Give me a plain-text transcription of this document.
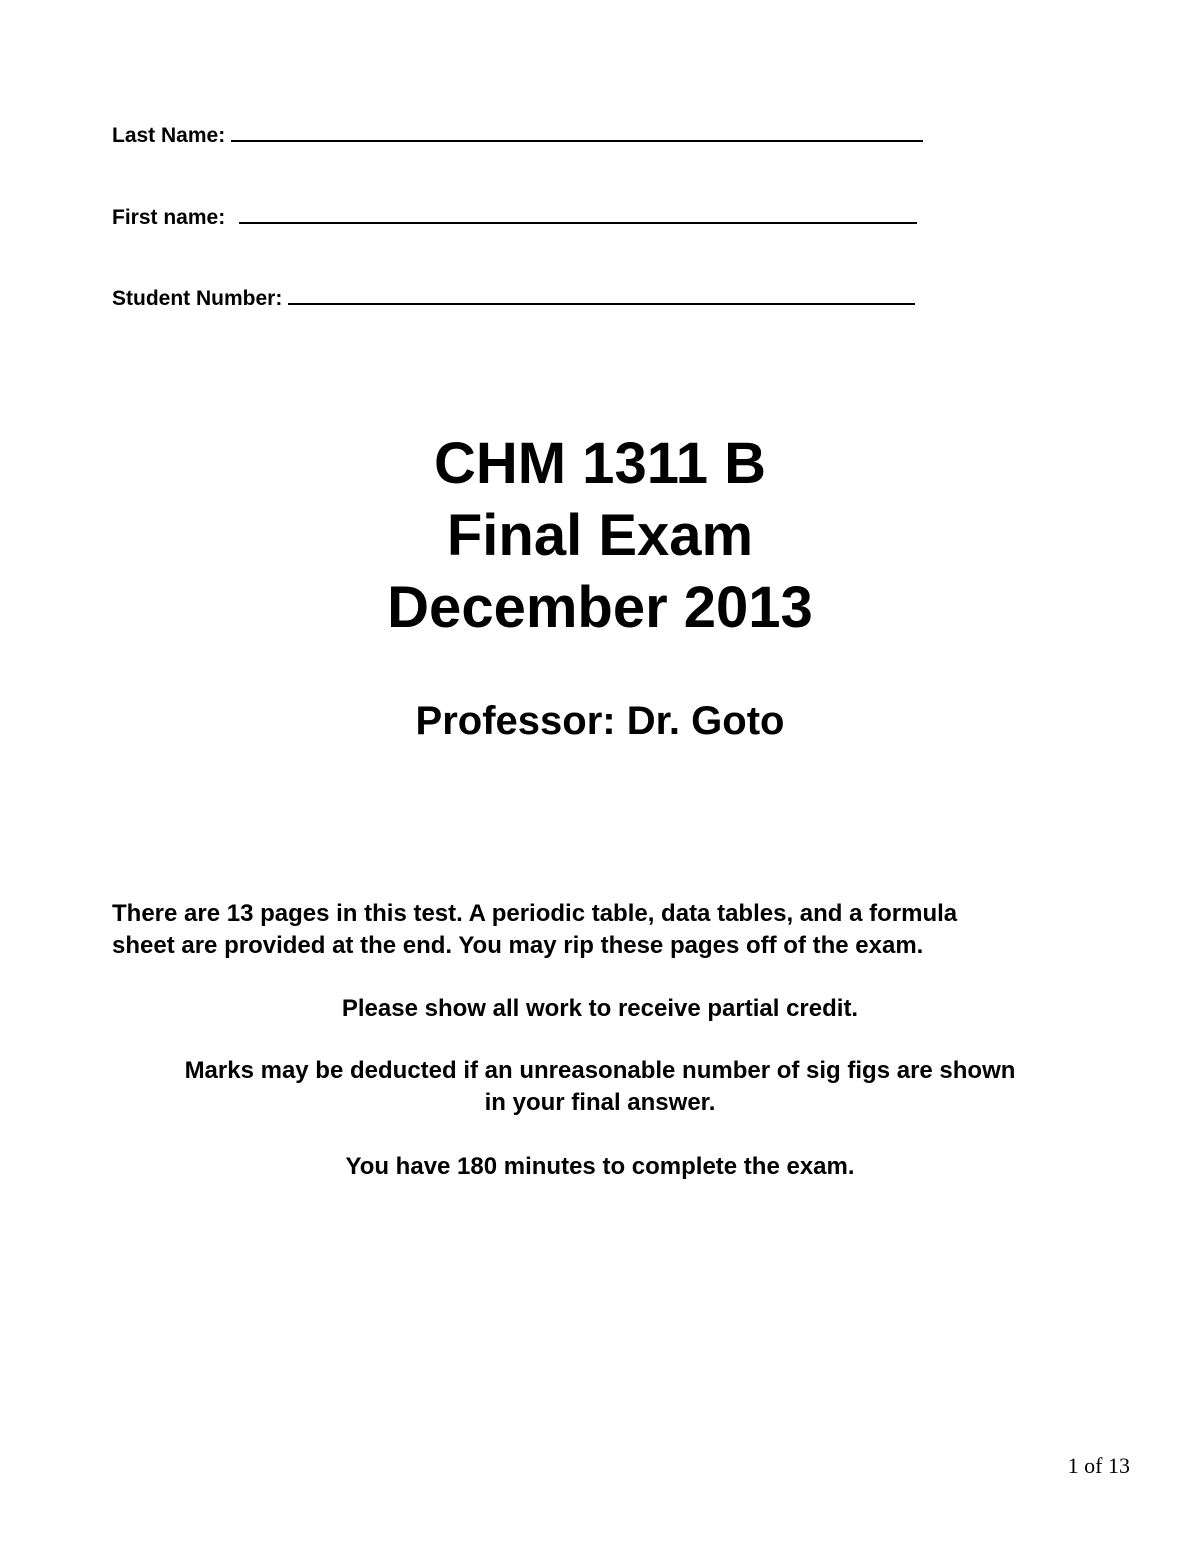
Last Name:
First name:
Student Number:
CHM 1311 B
Final Exam
December 2013
Professor: Dr. Goto
There are 13 pages in this test. A periodic table, data tables, and a formula
sheet are provided at the end. You may rip these pages off of the exam.
Please show all work to receive partial credit.
Marks may be deducted if an unreasonable number of sig figs are shown
in your final answer.
You have 180 minutes to complete the exam.
1 of 13
